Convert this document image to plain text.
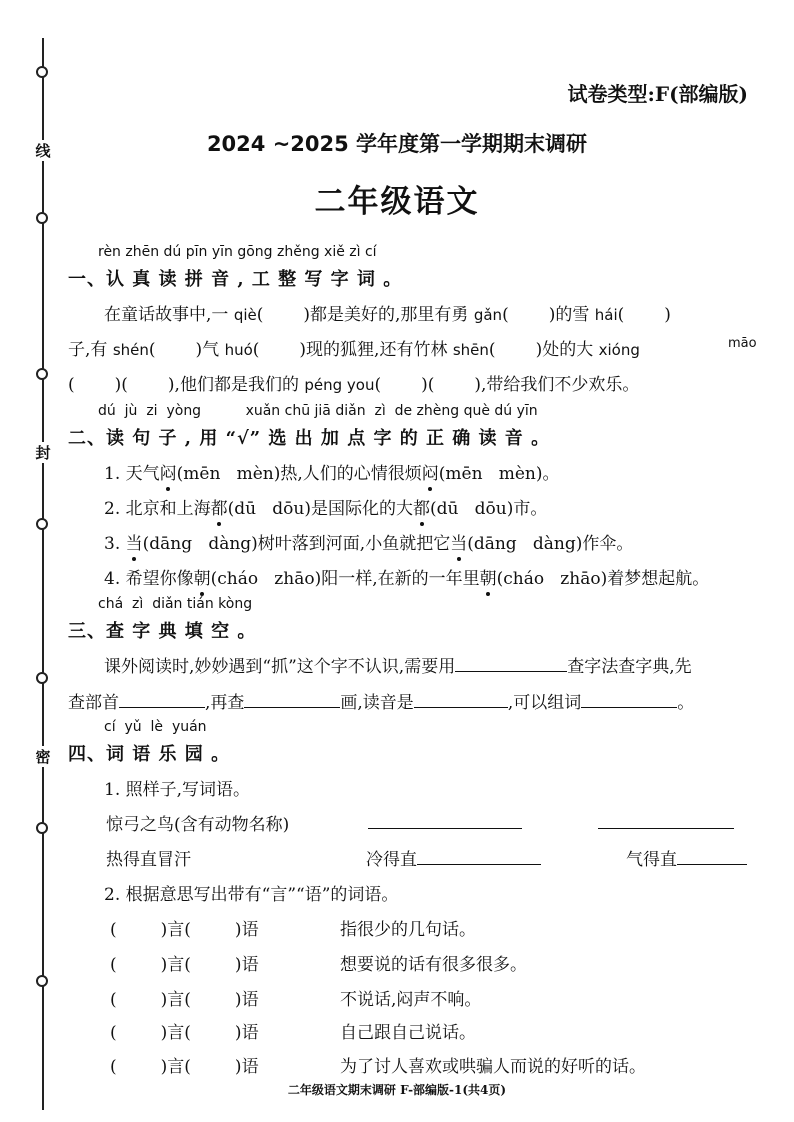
线
封
密
试卷类型:F(部编版)
2024 ~2025 学年度第一学期期末调研
二年级语文
rèn zhēn dú pīn yīn gōng zhěng xiě zì cí
一、认 真 读 拼 音 , 工 整 写 字 词 。
在童话故事中,一 qiè( )都是美好的,那里有勇 gǎn( )的雪 hái( )
子,有 shén( )气 huó( )现的狐狸,还有竹林 shēn( )处的大 xióng	māo
( )( ),他们都是我们的 péng you( )( ),带给我们不少欢乐。
dú  jù  zi  yòng          xuǎn chū jiā diǎn  zì  de zhèng què dú yīn
二、读 句 子 , 用 “√” 选 出 加 点 字 的 正 确 读 音 。
1. 天气闷(mēn   mèn)热,人们的心情很烦闷(mēn   mèn)。
2. 北京和上海都(dū   dōu)是国际化的大都(dū   dōu)市。
3. 当(dāng   dàng)树叶落到河面,小鱼就把它当(dāng   dàng)作伞。
4. 希望你像朝(cháo   zhāo)阳一样,在新的一年里朝(cháo   zhāo)着梦想起航。
chá  zì  diǎn tián kòng
三、查 字 典 填 空 。
课外阅读时,妙妙遇到“抓”这个字不认识,需要用	查字法查字典,先
查部首	,再查	画,读音是	,可以组词	。
cí  yǔ  lè  yuán
四、词 语 乐 园 。
1. 照样子,写词语。
惊弓之鸟(含有动物名称)
热得直冒汗	冷得直	气得直
2. 根据意思写出带有“言”“语”的词语。
(	)言(	)语	指很少的几句话。
(	)言(	)语	想要说的话有很多很多。
(	)言(	)语	不说话,闷声不响。
(	)言(	)语	自己跟自己说话。
(	)言(	)语	为了讨人喜欢或哄骗人而说的好听的话。
二年级语文期末调研 F-部编版-1(共4页)
